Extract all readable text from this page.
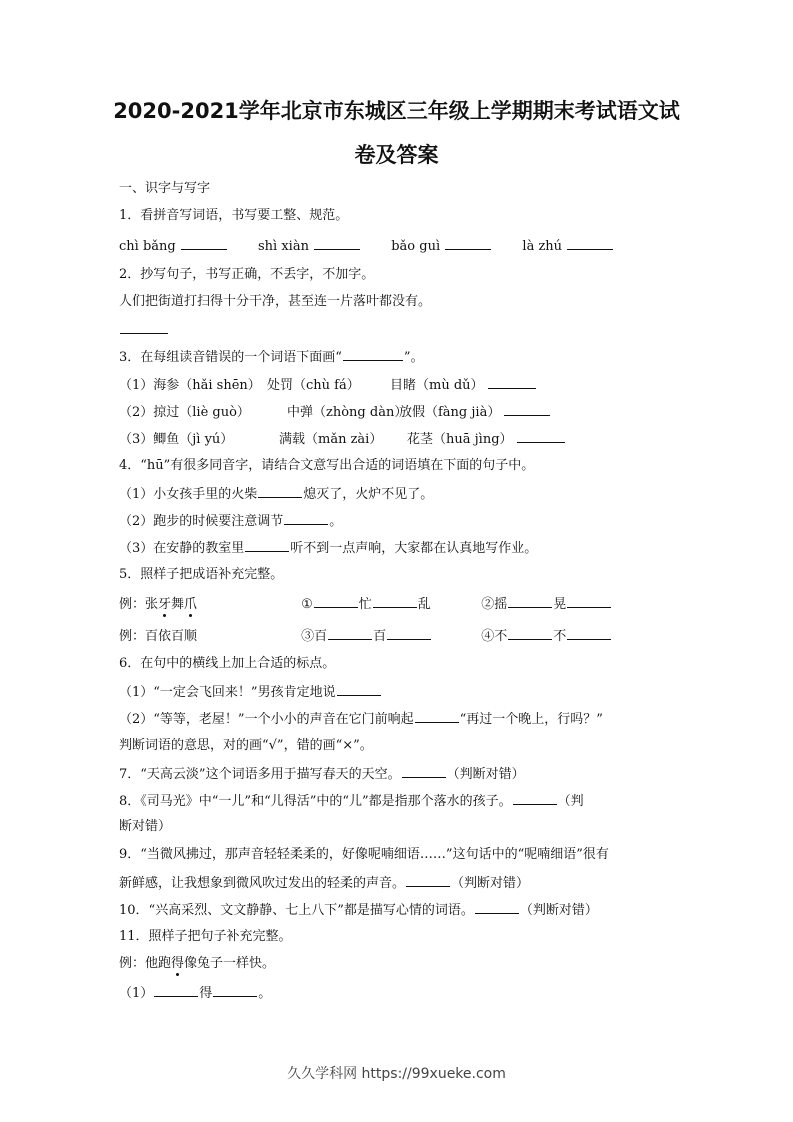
2020-2021学年北京市东城区三年级上学期期末考试语文试
卷及答案
一、识字与写字
1．看拼音写词语，书写要工整、规范。
chì bǎng	shì xiàn	bǎo guì	là zhú
2．抄写句子，书写正确，不丢字，不加字。
人们把街道打扫得十分干净，甚至连一片落叶都没有。
3．在每组读音错误的一个词语下面画“	”。
（1）海参（hǎi shēn） 处罚（chù fá） 目睹（mù dǔ）
（2）掠过（liè guò）	中弹（zhòng dàn）放假（fàng jià）
（3）鲫鱼（jì yú）	满载（mǎn zài） 花茎（huā jìng）
4．“hū”有很多同音字，请结合文意写出合适的词语填在下面的句子中。
（1）小女孩手里的火柴	熄灭了，火炉不见了。
（2）跑步的时候要注意调节	。
（3）在安静的教室里	听不到一点声响，大家都在认真地写作业。
5．照样子把成语补充完整。
例：张牙舞爪	①	忙	乱	②摇	晃
例：百依百顺	③百	百	④不	不
6．在句中的横线上加上合适的标点。
（1）“一定会飞回来！”男孩肯定地说
（2）“等等，老屋！”一个小小的声音在它门前响起	“再过一个晚上，行吗？”
判断词语的意思，对的画“√”，错的画“×”。
7．“天高云淡”这个词语多用于描写春天的天空。	（判断对错）
8．《司马光》中“一儿”和“儿得活”中的“儿”都是指那个落水的孩子。	（判
断对错）
9．“当微风拂过，那声音轻轻柔柔的，好像呢喃细语……”这句话中的“呢喃细语”很有
新鲜感，让我想象到微风吹过发出的轻柔的声音。	（判断对错）
10．“兴高采烈、文文静静、七上八下”都是描写心情的词语。	（判断对错）
11．照样子把句子补充完整。
例：他跑得像兔子一样快。
（1）	得	。
久久学科网 https://99xueke.com
